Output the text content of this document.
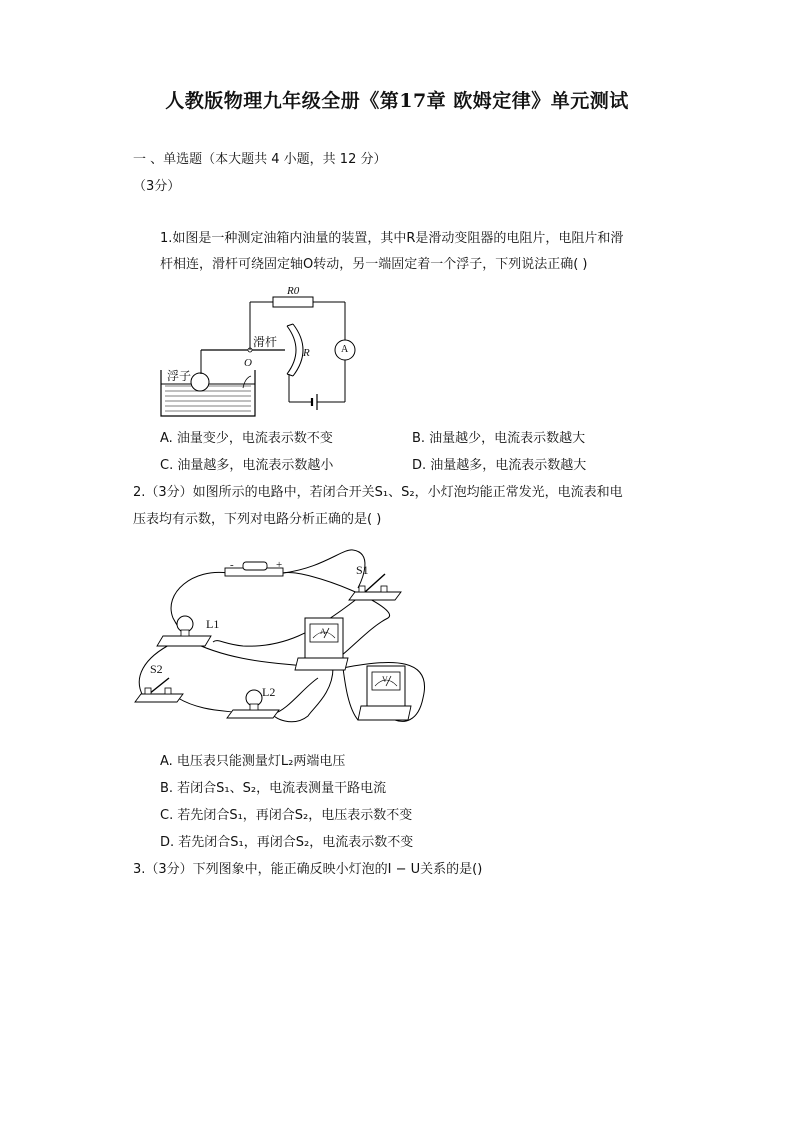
人教版物理九年级全册《第17章 欧姆定律》单元测试
一 、单选题（本大题共 4 小题，共 12 分）
（3分）
1.如图是一种测定油箱内油量的装置，其中R是滑动变阻器的电阻片，电阻片和滑
杆相连，滑杆可绕固定轴O转动，另一端固定着一个浮子，下列说法正确( )
R0
滑杆
O
R	A
浮子
A. 油量变少，电流表示数不变	B. 油量越少，电流表示数越大
C. 油量越多，电流表示数越小	D. 油量越多，电流表示数越大
2.（3分）如图所示的电路中，若闭合开关S₁、S₂，小灯泡均能正常发光，电流表和电
压表均有示数，下列对电路分析正确的是( )
-	+	S1
L1
S2
L2
A
V
A. 电压表只能测量灯L₂两端电压
B. 若闭合S₁、S₂，电流表测量干路电流
C. 若先闭合S₁，再闭合S₂，电压表示数不变
D. 若先闭合S₁，再闭合S₂，电流表示数不变
3.（3分）下列图象中，能正确反映小灯泡的I − U关系的是()
